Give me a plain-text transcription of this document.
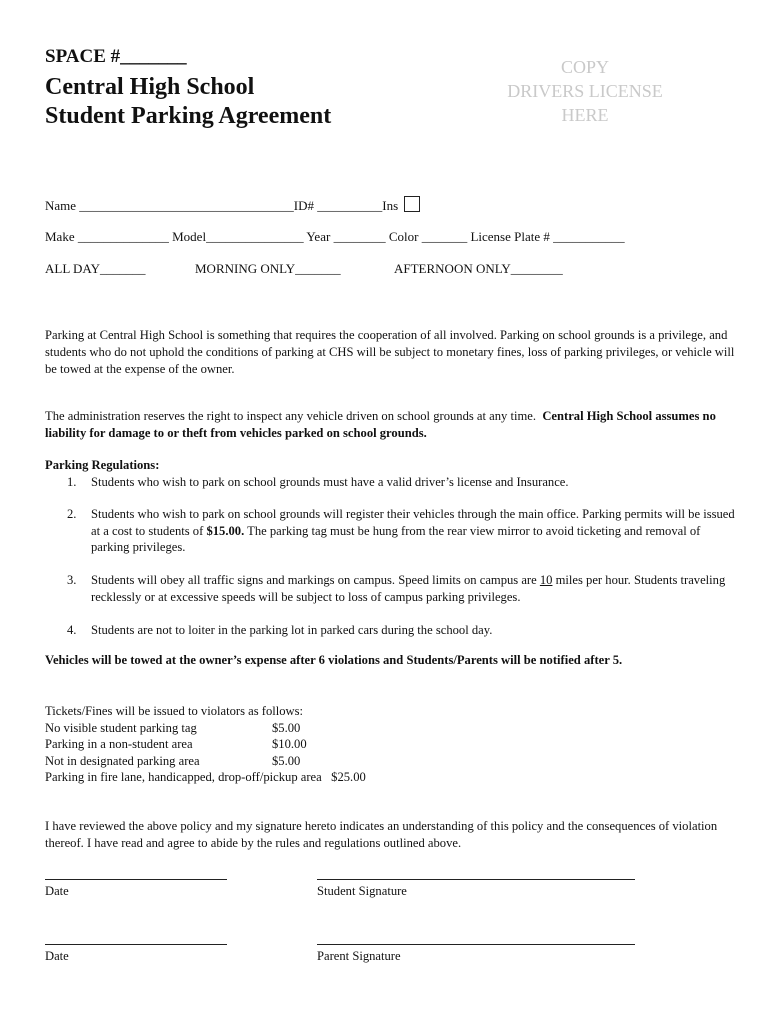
SPACE #_______
Central High School
Student Parking Agreement
COPY
DRIVERS LICENSE
HERE
Name _________________________________ID# __________Ins
Make ______________ Model_______________ Year ________ Color _______ License Plate # ___________
ALL DAY_______	MORNING ONLY_______	AFTERNOON ONLY________
Parking at Central High School is something that requires the cooperation of all involved. Parking on school grounds is a privilege, and students who do not uphold the conditions of parking at CHS will be subject to monetary fines, loss of parking privileges, or vehicle will be towed at the expense of the owner.
The administration reserves the right to inspect any vehicle driven on school grounds at any time. Central High School assumes no liability for damage to or theft from vehicles parked on school grounds.
Parking Regulations:
1. Students who wish to park on school grounds must have a valid driver’s license and Insurance.
2. Students who wish to park on school grounds will register their vehicles through the main office. Parking permits will be issued at a cost to students of $15.00. The parking tag must be hung from the rear view mirror to avoid ticketing and removal of parking privileges.
3. Students will obey all traffic signs and markings on campus. Speed limits on campus are 10 miles per hour. Students traveling recklessly or at excessive speeds will be subject to loss of campus parking privileges.
4. Students are not to loiter in the parking lot in parked cars during the school day.
Vehicles will be towed at the owner’s expense after 6 violations and Students/Parents will be notified after 5.
Tickets/Fines will be issued to violators as follows:
No visible student parking tag	$5.00
Parking in a non-student area	$10.00
Not in designated parking area	$5.00
Parking in fire lane, handicapped, drop-off/pickup area   $25.00
I have reviewed the above policy and my signature hereto indicates an understanding of this policy and the consequences of violation thereof. I have read and agree to abide by the rules and regulations outlined above.
Date	Student Signature
Date	Parent Signature
